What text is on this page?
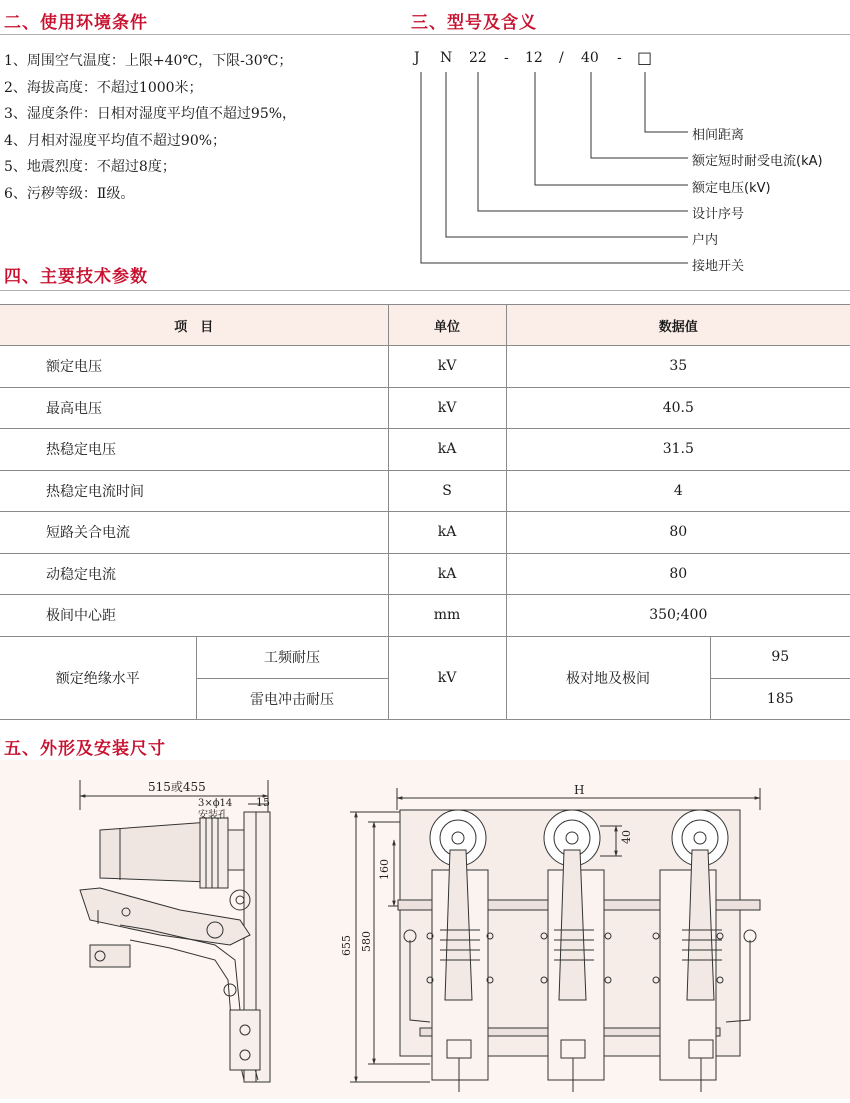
二、使用环境条件
1、周围空气温度：上限+40℃，下限-30℃；
2、海拔高度：不超过1000米；
3、湿度条件：日相对湿度平均值不超过95%，
4、月相对湿度平均值不超过90%；
5、地震烈度：不超过8度；
6、污秽等级：Ⅱ级。
三、型号及含义
J N 22 - 12 / 40 - □
相间距离
额定短时耐受电流(kA)
额定电压(kV)
设计序号
户内
接地开关
四、主要技术参数
项　目		单位	数据值	
额定电压		kV	35	
最高电压		kV	40.5	
热稳定电压		kA	31.5	
热稳定电流时间		S	4	
短路关合电流		kA	80	
动稳定电流		kA	80	
极间中心距		mm	350;400	
额定绝缘水平	工频耐压	kV	极对地及极间	95
	雷电冲击耐压			185
五、外形及安装尺寸
515或455
3×ϕ14
安装孔
15
H
40
160
655 580
